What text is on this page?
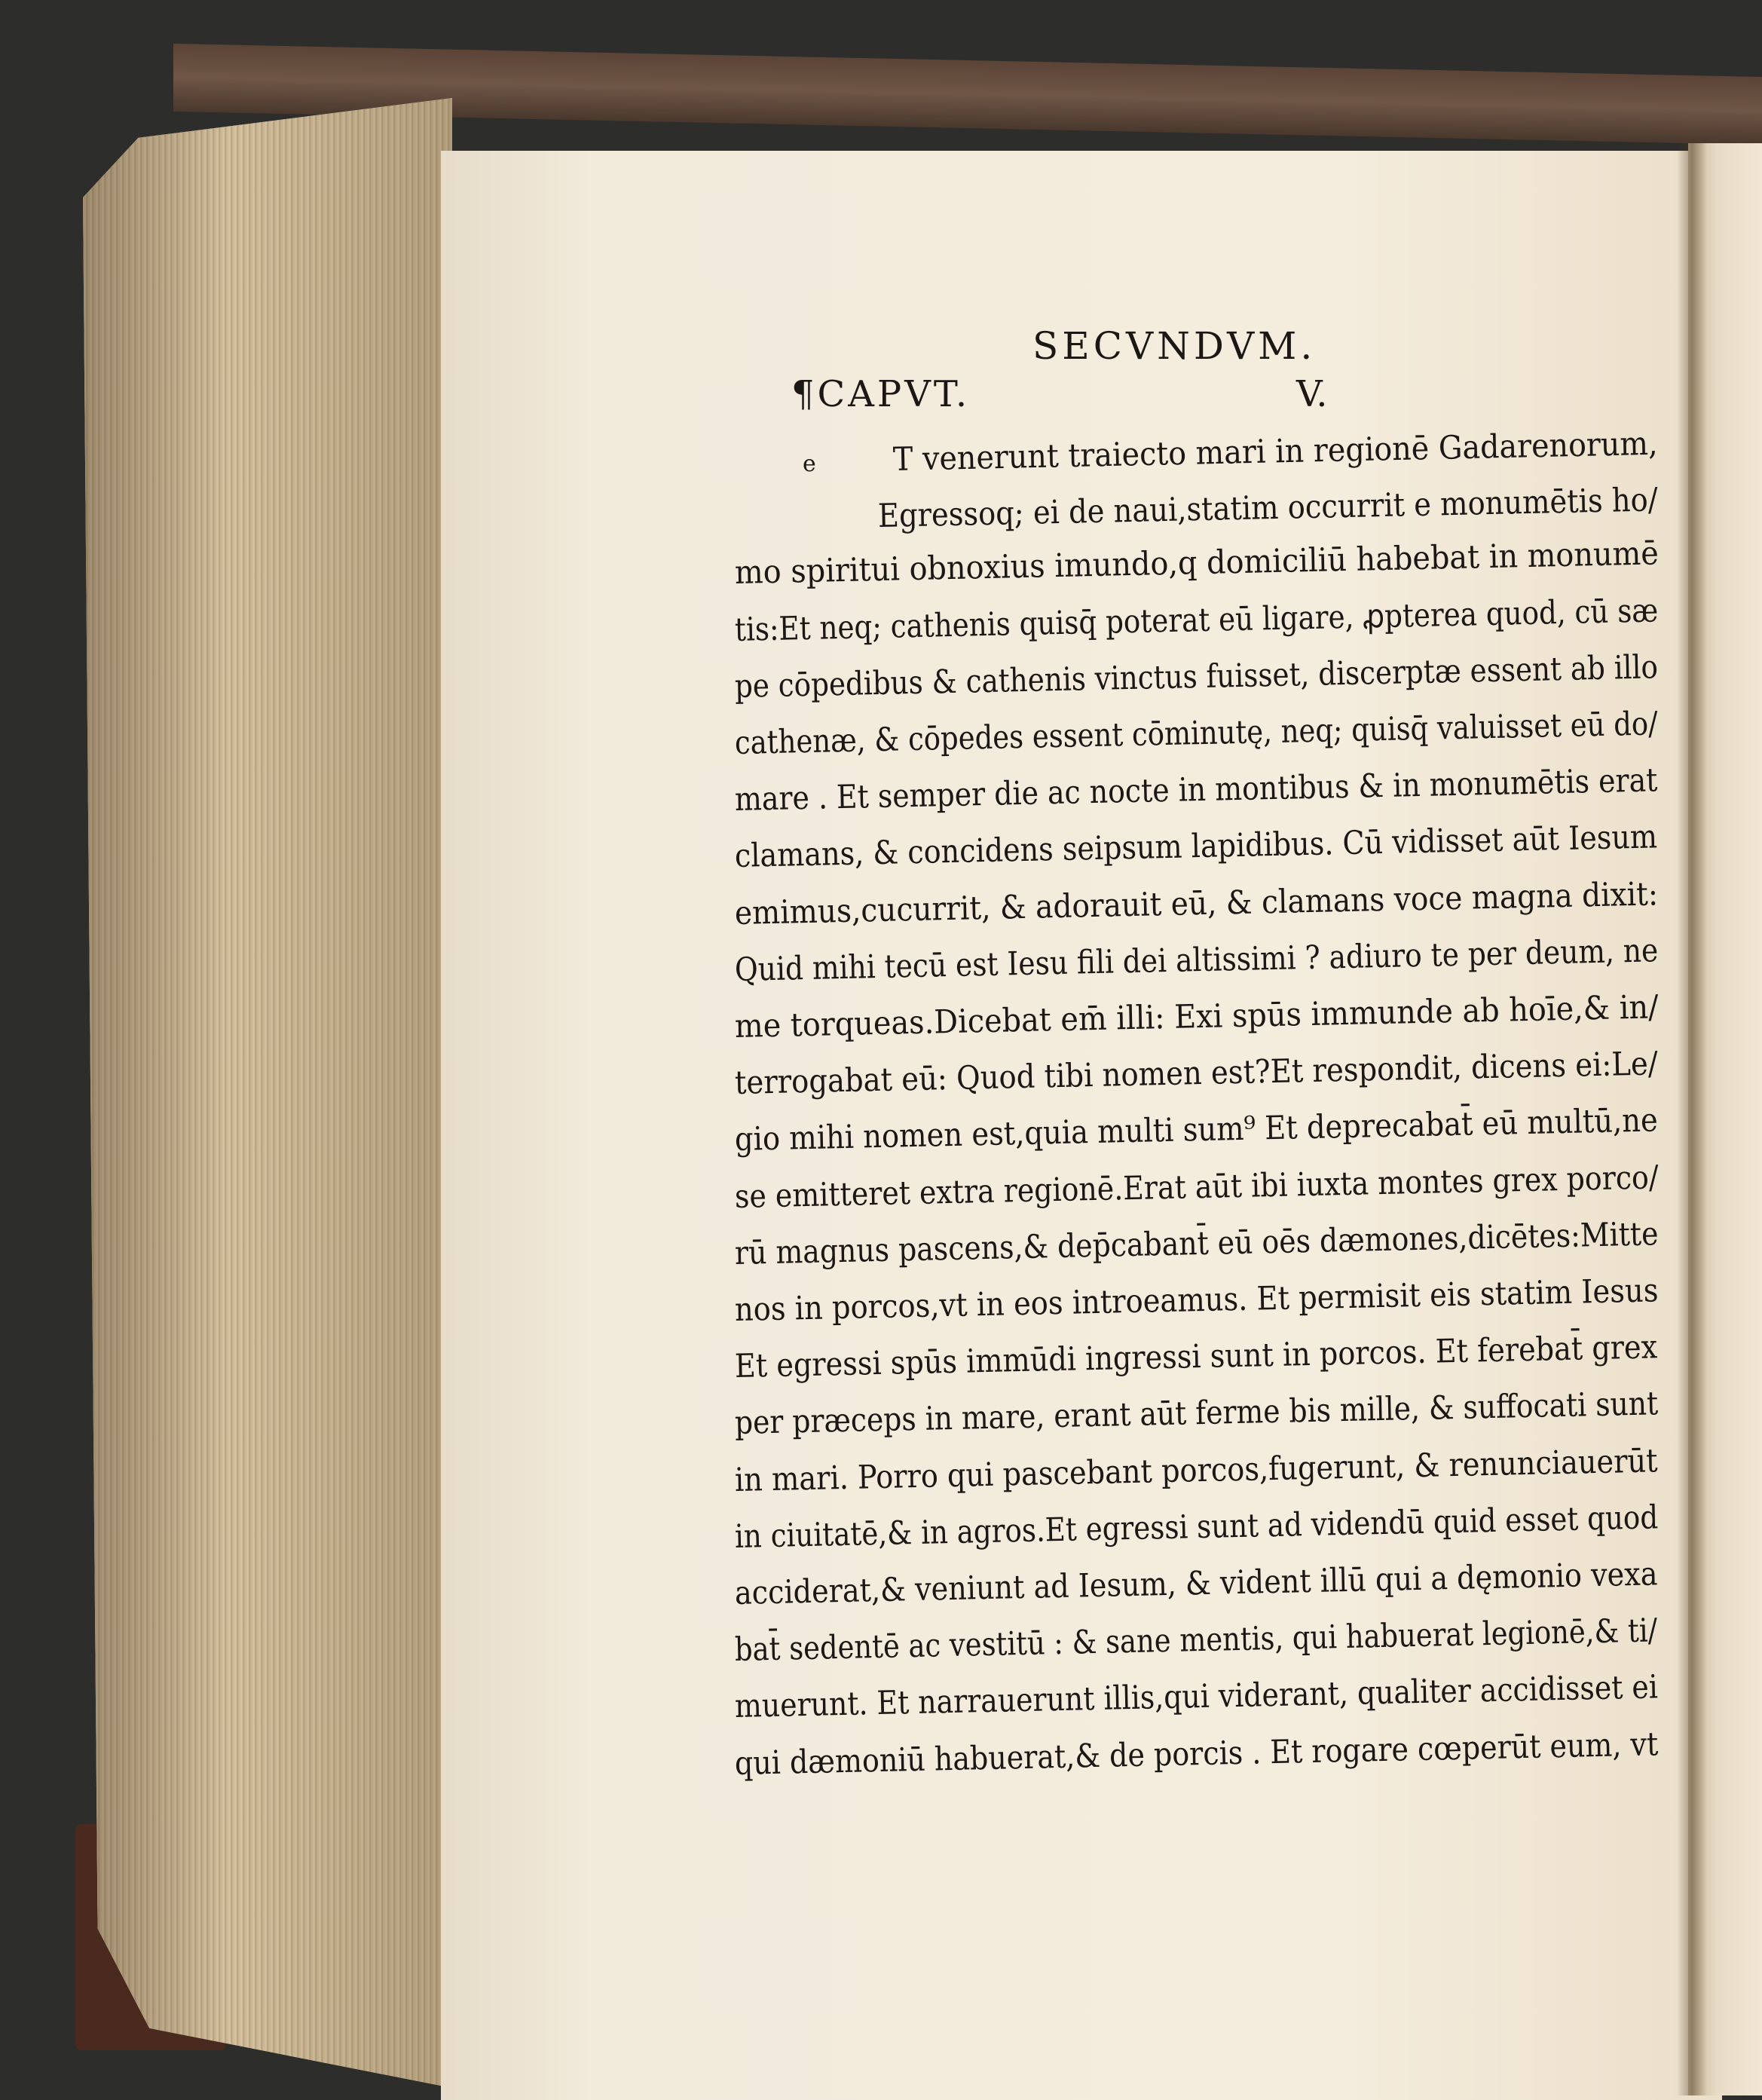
SECVNDVM.
¶CAPVT.	V.
e T venerunt traiecto mari in regionē Gadarenorum,
Egressoq; ei de naui,statim occurrit e monumētis ho/
mo spiritui obnoxius imundo,q domiciliū habebat in monumē
tis:Et neq; cathenis quisq̄ poterat eū ligare, ꝓpterea quod, cū sæ
pe cōpedibus & cathenis vinctus fuisset, discerptæ essent ab illo
cathenæ, & cōpedes essent cōminutę, neq; quisq̄ valuisset eū do/
mare . Et semper die ac nocte in montibus & in monumētis erat
clamans, & concidens seipsum lapidibus. Cū vidisset aūt Iesum
emimus,cucurrit, & adorauit eū, & clamans voce magna dixit:
Quid mihi tecū est Iesu fili dei altissimi ? adiuro te per deum, ne
me torqueas.Dicebat em̄ illi: Exi spūs immunde ab hoīe,& in/
terrogabat eū: Quod tibi nomen est?Et respondit, dicens ei:Le/
gio mihi nomen est,quia multi sum⁹ Et deprecabat̄ eū multū,ne
se emitteret extra regionē.Erat aūt ibi iuxta montes grex porco/
rū magnus pascens,& dep̄cabant̄ eū oēs dæmones,dicētes:Mitte
nos in porcos,vt in eos introeamus. Et permisit eis statim Iesus
Et egressi spūs immūdi ingressi sunt in porcos. Et ferebat̄ grex
per præceps in mare, erant aūt ferme bis mille, & suffocati sunt
in mari. Porro qui pascebant porcos,fugerunt, & renunciauerūt
in ciuitatē,& in agros.Et egressi sunt ad videndū quid esset quod
acciderat,& veniunt ad Iesum, & vident illū qui a dęmonio vexa
bat̄ sedentē ac vestitū : & sane mentis, qui habuerat legionē,& ti/
muerunt. Et narrauerunt illis,qui viderant, qualiter accidisset ei
qui dæmoniū habuerat,& de porcis . Et rogare cœperūt eum, vt
